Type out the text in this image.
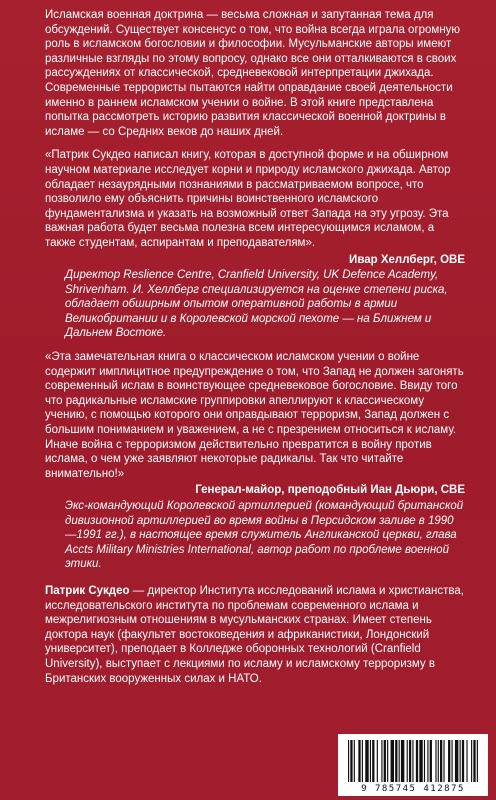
Исламская военная доктрина — весьма сложная и запутанная тема для обсуждений. Существует консенсус о том, что война всегда играла огромную роль в исламском богословии и философии. Мусульманские авторы имеют различные взгляды по этому вопросу, однако все они отталкиваются в своих рассуждениях от классической, средневековой интерпретации джихада. Современные террористы пытаются найти оправдание своей деятельности именно в раннем исламском учении о войне. В этой книге представлена попытка рассмотреть историю развития классической военной доктрины в исламе — со Средних веков до наших дней.

«Патрик Сукдео написал книгу, которая в доступной форме и на обширном научном материале исследует корни и природу исламского джихада. Автор обладает незаурядными познаниями в рассматриваемом вопросе, что позволило ему объяснить причины воинственного исламского фундаментализма и указать на возможный ответ Запада на эту угрозу. Эта важная работа будет весьма полезна всем интересующимся исламом, а также студентам, аспирантам и преподавателям».

Ивар Хеллберг, OBE

Директор Reslience Centre, Cranfield University, UK Defence Academy, Shrivenham. И. Хеллберг специализируется на оценке степени риска, обладает обширным опытом оперативной работы в армии Великобритании и в Королевской морской пехоте — на Ближнем и Дальнем Востоке.

«Эта замечательная книга о классическом исламском учении о войне содержит имплицитное предупреждение о том, что Запад не должен загонять современный ислам в воинствующее средневековое богословие. Ввиду того что радикальные исламские группировки апеллируют к классическому учению, с помощью которого они оправдывают терроризм, Запад должен с большим пониманием и уважением, а не с презрением относиться к исламу. Иначе война с терроризмом действительно превратится в войну против ислама, о чем уже заявляют некоторые радикалы. Так что читайте внимательно!»

Генерал-майор, преподобный Иан Дьюри, CBE

Экс-командующий Королевской артиллерией (командующий британской дивизионной артиллерией во время войны в Персидском заливе в 1990—1991 гг.), в настоящее время служитель Англиканской церкви, глава Accts Military Ministries International, автор работ по проблеме военной этики.

Патрик Сукдео — директор Института исследований ислама и христианства, исследовательского института по проблемам современного ислама и межрелигиозным отношениям в мусульманских странах. Имеет степень доктора наук (факультет востоковедения и африканистики, Лондонский университет), преподает в Колледже оборонных технологий (Cranfield University), выступает с лекциями по исламу и исламскому терроризму в Британских вооруженных силах и НАТО.

9 785745 412875
